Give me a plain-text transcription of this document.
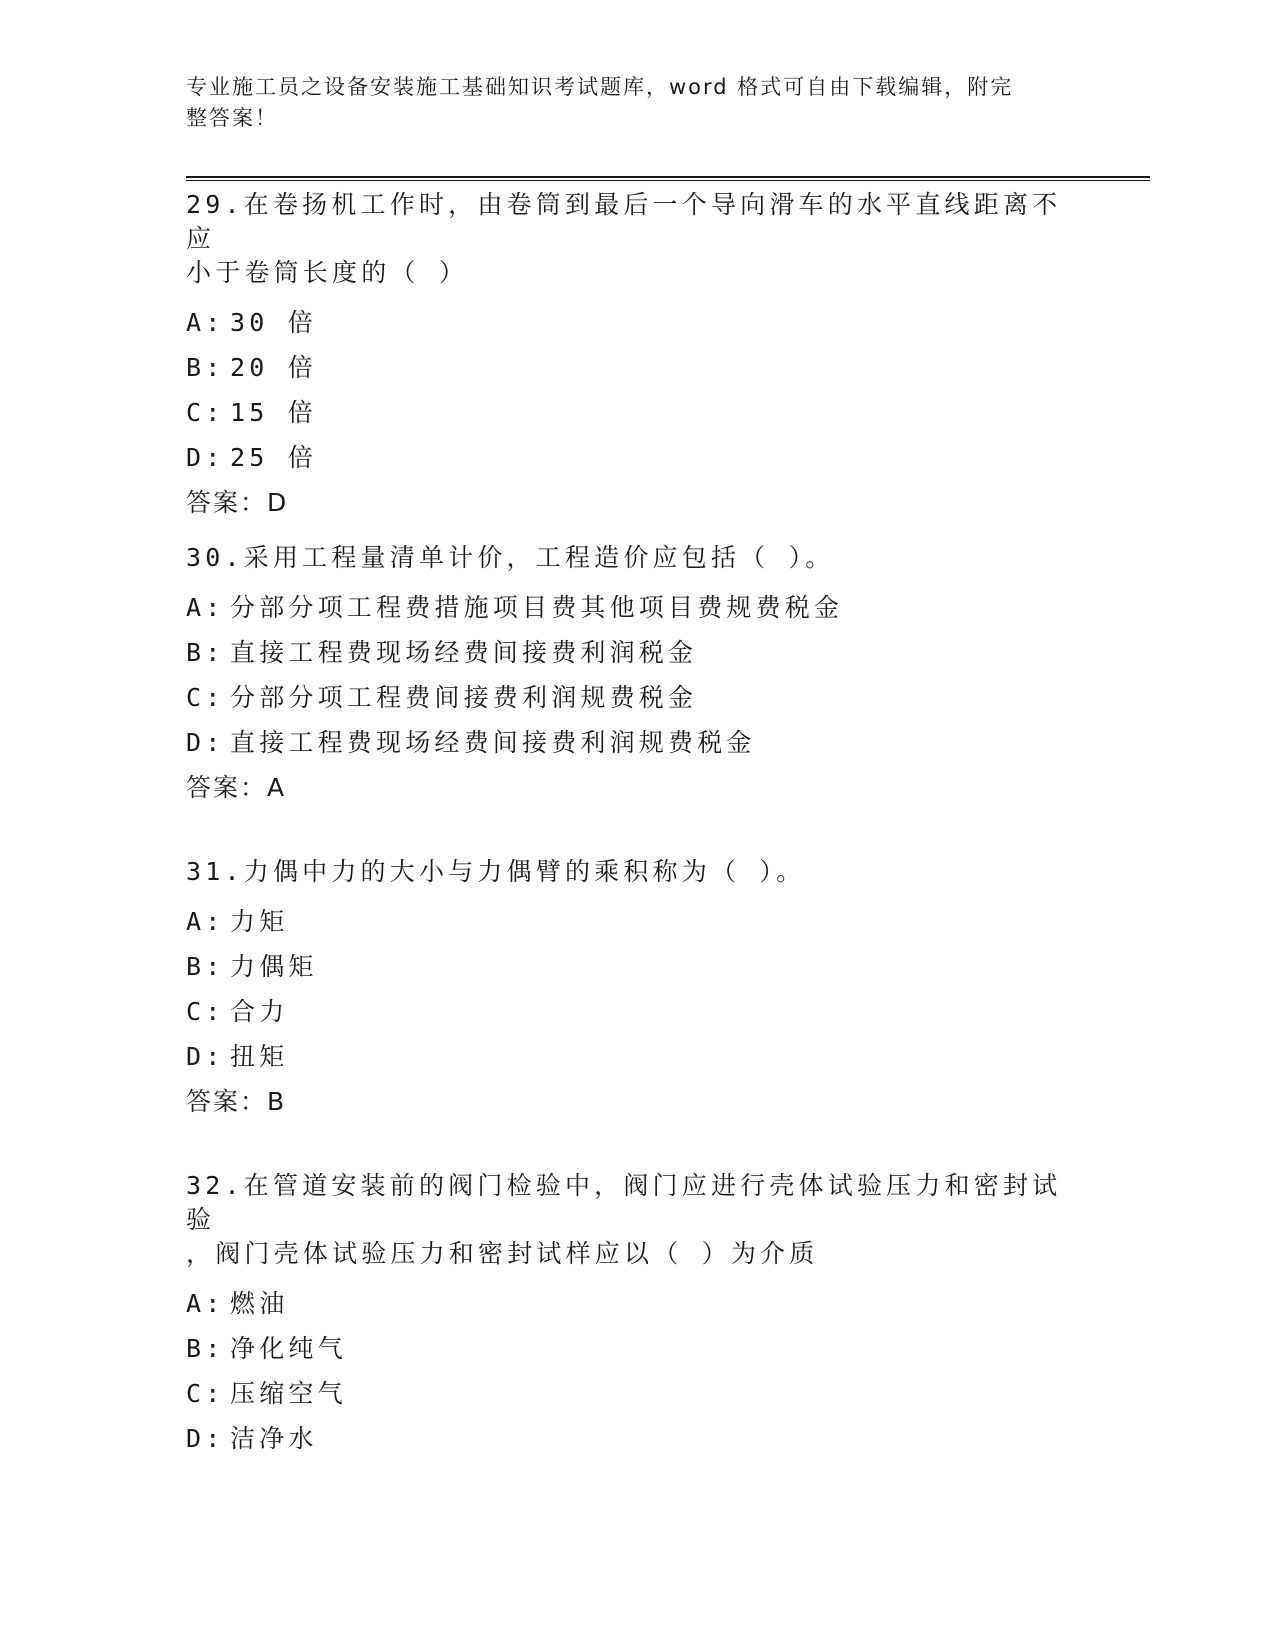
专业施工员之设备安装施工基础知识考试题库，word 格式可自由下载编辑，附完
整答案！
29.在卷扬机工作时，由卷筒到最后一个导向滑车的水平直线距离不应
小于卷筒长度的（ ）
A: 30 倍
B: 20 倍
C: 15 倍
D: 25 倍
答案：D
30.采用工程量清单计价，工程造价应包括（ ）。
A: 分部分项工程费措施项目费其他项目费规费税金
B: 直接工程费现场经费间接费利润税金
C: 分部分项工程费间接费利润规费税金
D: 直接工程费现场经费间接费利润规费税金
答案：A
31.力偶中力的大小与力偶臂的乘积称为（ ）。
A: 力矩
B: 力偶矩
C: 合力
D: 扭矩
答案：B
32.在管道安装前的阀门检验中，阀门应进行壳体试验压力和密封试验
，阀门壳体试验压力和密封试样应以（ ）为介质
A: 燃油
B: 净化纯气
C: 压缩空气
D: 洁净水
